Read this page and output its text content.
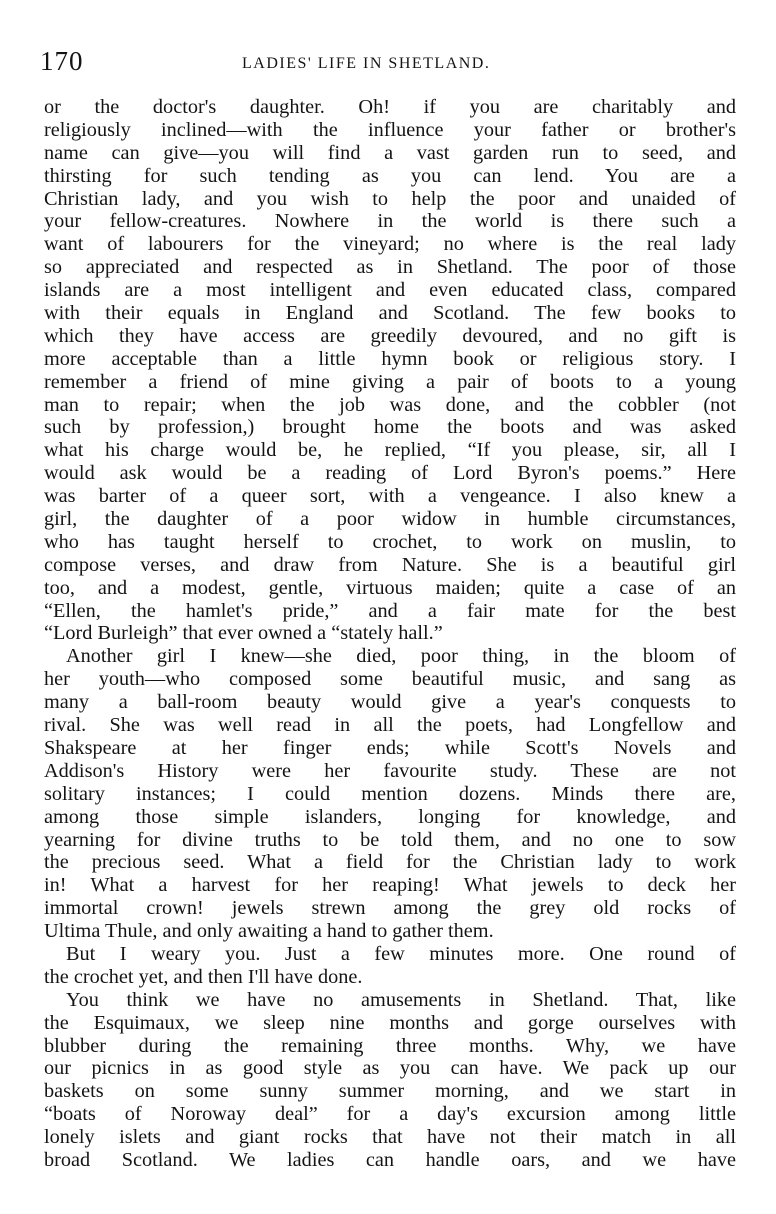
170	LADIES' LIFE IN SHETLAND.
or the doctor's daughter. Oh! if you are charitably and
religiously inclined—with the influence your father or brother's
name can give—you will find a vast garden run to seed, and
thirsting for such tending as you can lend. You are a
Christian lady, and you wish to help the poor and unaided of
your fellow-creatures. Nowhere in the world is there such a
want of labourers for the vineyard; no where is the real lady
so appreciated and respected as in Shetland. The poor of those
islands are a most intelligent and even educated class, compared
with their equals in England and Scotland. The few books to
which they have access are greedily devoured, and no gift is
more acceptable than a little hymn book or religious story. I
remember a friend of mine giving a pair of boots to a young
man to repair; when the job was done, and the cobbler (not
such by profession,) brought home the boots and was asked
what his charge would be, he replied, “If you please, sir, all I
would ask would be a reading of Lord Byron's poems.” Here
was barter of a queer sort, with a vengeance. I also knew a
girl, the daughter of a poor widow in humble circumstances,
who has taught herself to crochet, to work on muslin, to
compose verses, and draw from Nature. She is a beautiful girl
too, and a modest, gentle, virtuous maiden; quite a case of an
“Ellen, the hamlet's pride,” and a fair mate for the best
“Lord Burleigh” that ever owned a “stately hall.”
Another girl I knew—she died, poor thing, in the bloom of
her youth—who composed some beautiful music, and sang as
many a ball-room beauty would give a year's conquests to
rival. She was well read in all the poets, had Longfellow and
Shakspeare at her finger ends; while Scott's Novels and
Addison's History were her favourite study. These are not
solitary instances; I could mention dozens. Minds there are,
among those simple islanders, longing for knowledge, and
yearning for divine truths to be told them, and no one to sow
the precious seed. What a field for the Christian lady to work
in! What a harvest for her reaping! What jewels to deck her
immortal crown! jewels strewn among the grey old rocks of
Ultima Thule, and only awaiting a hand to gather them.
But I weary you. Just a few minutes more. One round of
the crochet yet, and then I'll have done.
You think we have no amusements in Shetland. That, like
the Esquimaux, we sleep nine months and gorge ourselves with
blubber during the remaining three months. Why, we have
our picnics in as good style as you can have. We pack up our
baskets on some sunny summer morning, and we start in
“boats of Noroway deal” for a day's excursion among little
lonely islets and giant rocks that have not their match in all
broad Scotland. We ladies can handle oars, and we have
